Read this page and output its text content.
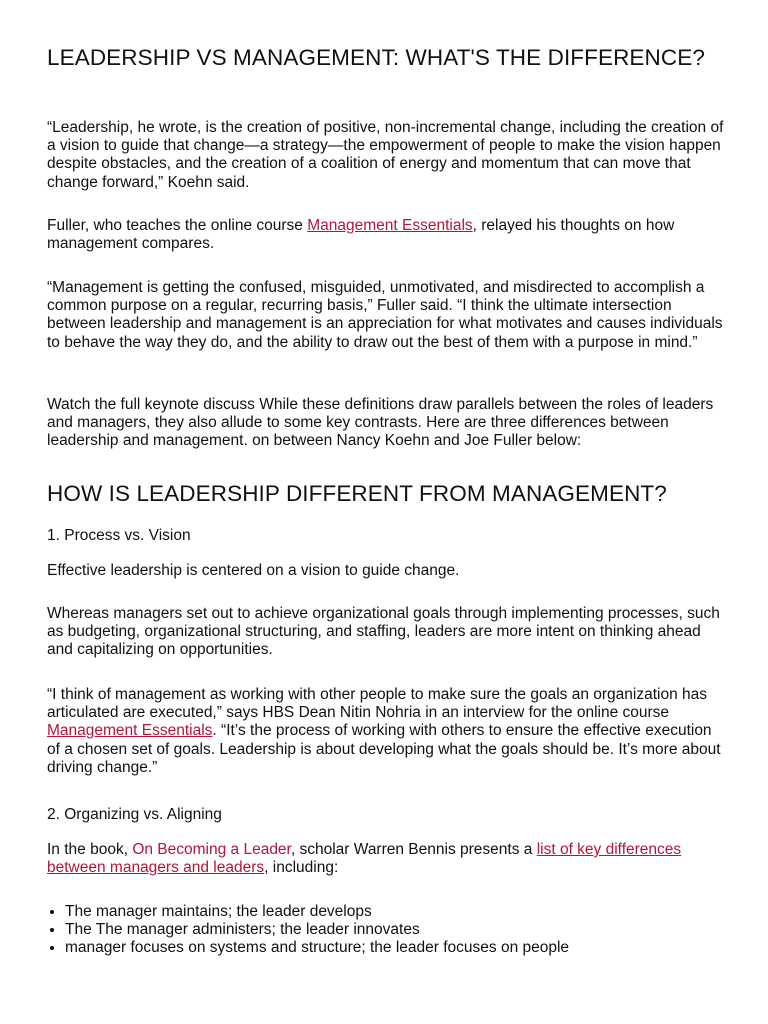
LEADERSHIP VS MANAGEMENT: WHAT'S THE DIFFERENCE?

“Leadership, he wrote, is the creation of positive, non-incremental change, including the creation of a vision to guide that change—a strategy—the empowerment of people to make the vision happen despite obstacles, and the creation of a coalition of energy and momentum that can move that change forward,” Koehn said.

Fuller, who teaches the online course Management Essentials, relayed his thoughts on how management compares.

“Management is getting the confused, misguided, unmotivated, and misdirected to accomplish a common purpose on a regular, recurring basis,” Fuller said. “I think the ultimate intersection between leadership and management is an appreciation for what motivates and causes individuals to behave the way they do, and the ability to draw out the best of them with a purpose in mind.”

Watch the full keynote discuss While these definitions draw parallels between the roles of leaders and managers, they also allude to some key contrasts. Here are three differences between leadership and management. on between Nancy Koehn and Joe Fuller below:

HOW IS LEADERSHIP DIFFERENT FROM MANAGEMENT?

1. Process vs. Vision

Effective leadership is centered on a vision to guide change.

Whereas managers set out to achieve organizational goals through implementing processes, such as budgeting, organizational structuring, and staffing, leaders are more intent on thinking ahead and capitalizing on opportunities.

“I think of management as working with other people to make sure the goals an organization has articulated are executed,” says HBS Dean Nitin Nohria in an interview for the online course Management Essentials. “It’s the process of working with others to ensure the effective execution of a chosen set of goals. Leadership is about developing what the goals should be. It’s more about driving change.”

2. Organizing vs. Aligning

In the book, On Becoming a Leader, scholar Warren Bennis presents a list of key differences between managers and leaders, including:

• The manager maintains; the leader develops
• The The manager administers; the leader innovates
• manager focuses on systems and structure; the leader focuses on people
